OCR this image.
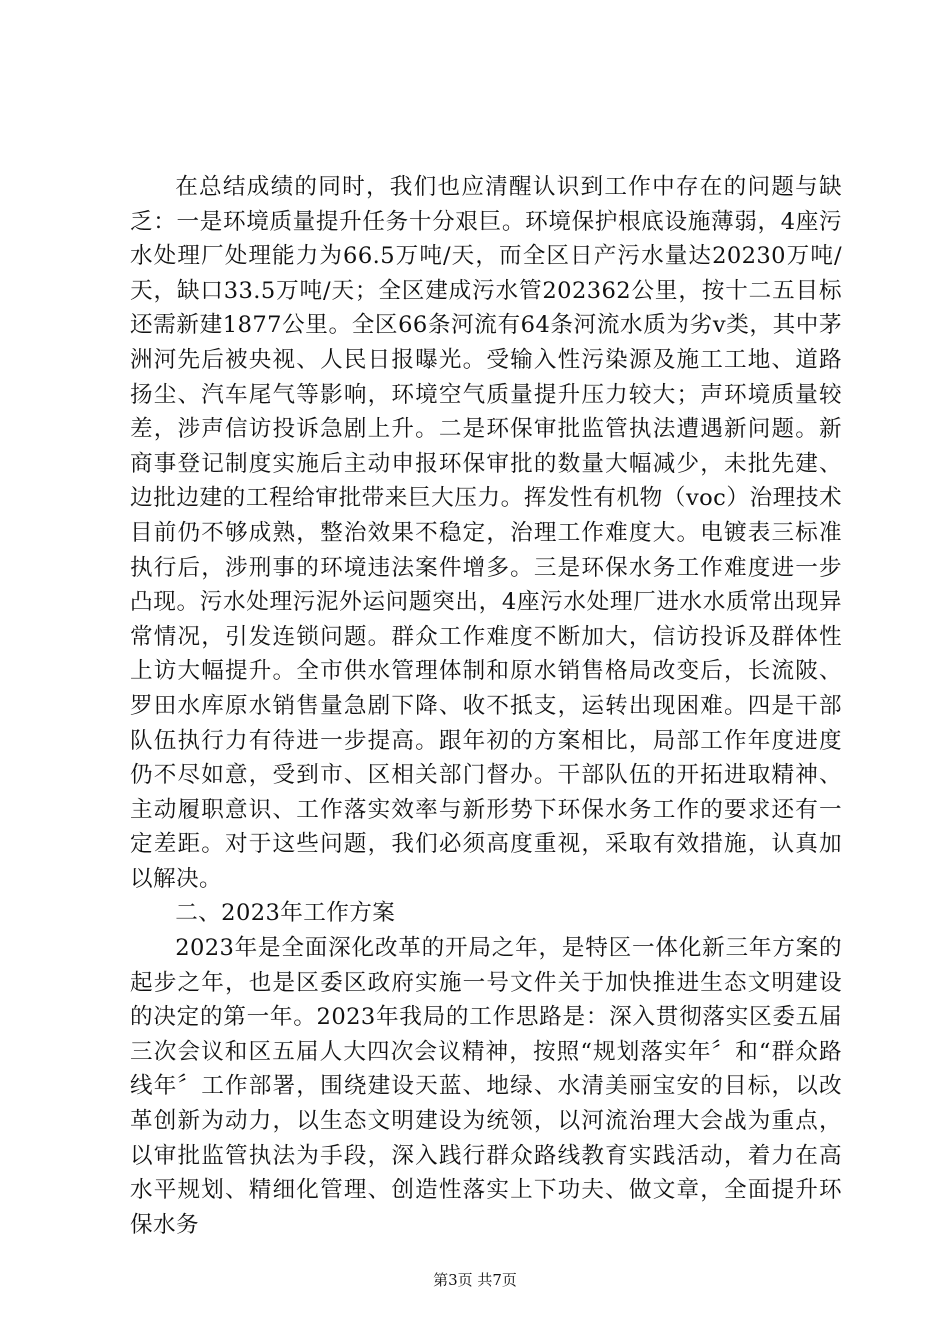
在总结成绩的同时，我们也应清醒认识到工作中存在的问题与缺乏：一是环境质量提升任务十分艰巨。环境保护根底设施薄弱，4座污水处理厂处理能力为66.5万吨/天，而全区日产污水量达20230万吨/天，缺口33.5万吨/天；全区建成污水管202362公里，按十二五目标还需新建1877公里。全区66条河流有64条河流水质为劣v类，其中茅洲河先后被央视、人民日报曝光。受输入性污染源及施工工地、道路扬尘、汽车尾气等影响，环境空气质量提升压力较大；声环境质量较差，涉声信访投诉急剧上升。二是环保审批监管执法遭遇新问题。新商事登记制度实施后主动申报环保审批的数量大幅减少，未批先建、边批边建的工程给审批带来巨大压力。挥发性有机物（voc）治理技术目前仍不够成熟，整治效果不稳定，治理工作难度大。电镀表三标准执行后，涉刑事的环境违法案件增多。三是环保水务工作难度进一步凸现。污水处理污泥外运问题突出，4座污水处理厂进水水质常出现异常情况，引发连锁问题。群众工作难度不断加大，信访投诉及群体性上访大幅提升。全市供水管理体制和原水销售格局改变后，长流陂、罗田水库原水销售量急剧下降、收不抵支，运转出现困难。四是干部队伍执行力有待进一步提高。跟年初的方案相比，局部工作年度进度仍不尽如意，受到市、区相关部门督办。干部队伍的开拓进取精神、主动履职意识、工作落实效率与新形势下环保水务工作的要求还有一定差距。对于这些问题，我们必须高度重视，采取有效措施，认真加以解决。

二、2023年工作方案

2023年是全面深化改革的开局之年，是特区一体化新三年方案的起步之年，也是区委区政府实施一号文件关于加快推进生态文明建设的决定的第一年。2023年我局的工作思路是：深入贯彻落实区委五届三次会议和区五届人大四次会议精神，按照“规划落实年〞和“群众路线年〞工作部署，围绕建设天蓝、地绿、水清美丽宝安的目标，以改革创新为动力，以生态文明建设为统领，以河流治理大会战为重点，以审批监管执法为手段，深入践行群众路线教育实践活动，着力在高水平规划、精细化管理、创造性落实上下功夫、做文章，全面提升环保水务

第3页 共7页
